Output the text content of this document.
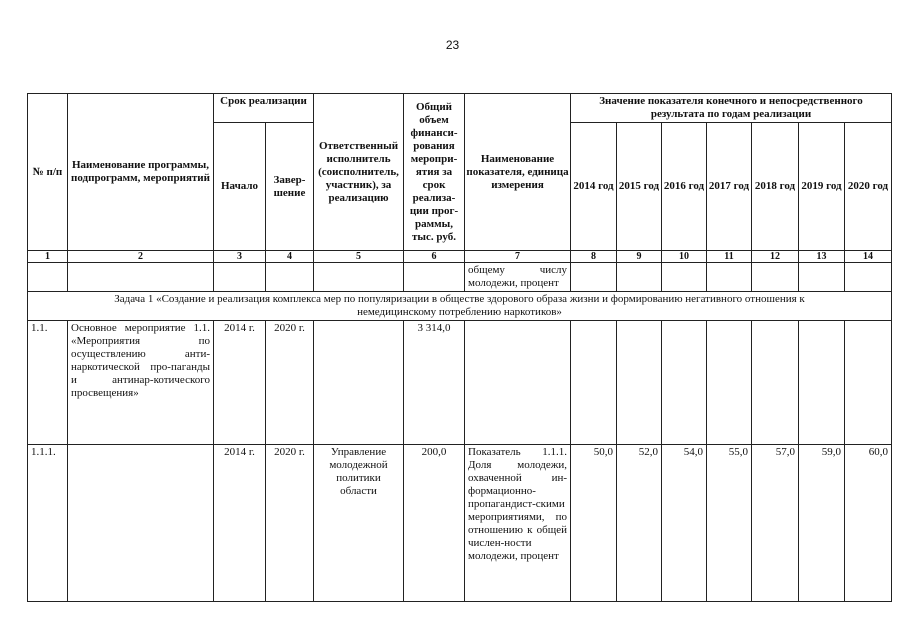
23
№ п/п	Наименование программы, подпрограмм, мероприятий	Срок реализации		Ответственный исполнитель (соисполнитель, участник), за реализацию	Общий объем финанси-рования меропри-ятия за срок реализа-ции прог-раммы, тыс. руб.	Наименование показателя, единица измерения	Значение показателя конечного и непосредственного результата по годам реализации						
		Начало	Завер-шение				2014 год	2015 год	2016 год	2017 год	2018 год	2019 год	2020 год
1	2	3	4	5	6	7	8	9	10	11	12	13	14
						общему числу молодежи, процент							
Задача 1 «Создание и реализация комплекса мер по популяризации в обществе здорового образа жизни и формированию негативного отношения к немедицинскому потреблению наркотиков»													
1.1.	Основное мероприятие 1.1. «Мероприятия по осуществлению анти-наркотической про-паганды и антинар-котического просвещения»	2014 г.	2020 г.		3 314,0								
1.1.1.		2014 г.	2020 г.	Управление молодежной политики области	200,0	Показатель 1.1.1. Доля молодежи, охваченной ин-формационно-пропагандист-скими мероприятиями, по отношению к общей числен-ности молодежи, процент	50,0	52,0	54,0	55,0	57,0	59,0	60,0
